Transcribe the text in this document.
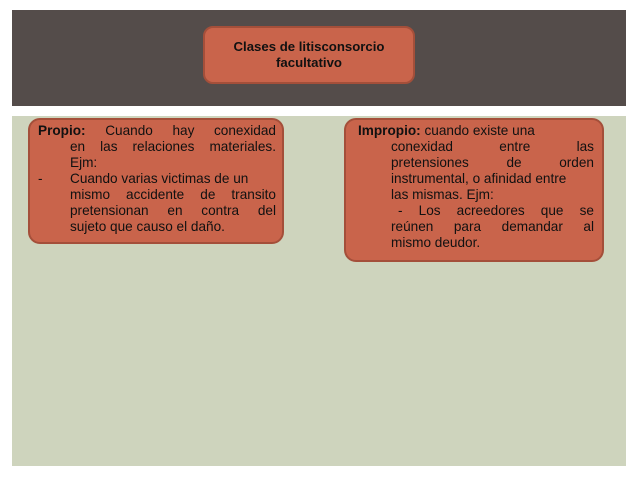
Clases de litisconsorcio
facultativo
Propio: Cuando hay conexidad
en las relaciones materiales.
Ejm:
-	Cuando varias victimas de un
mismo accidente de transito
pretensionan en contra del
sujeto que causo el daño.
Impropio: cuando existe una
conexidad	entre	las
pretensiones	de	orden
instrumental, o afinidad entre
las mismas. Ejm:
- Los acreedores que se
reúnen para demandar al
mismo deudor.
